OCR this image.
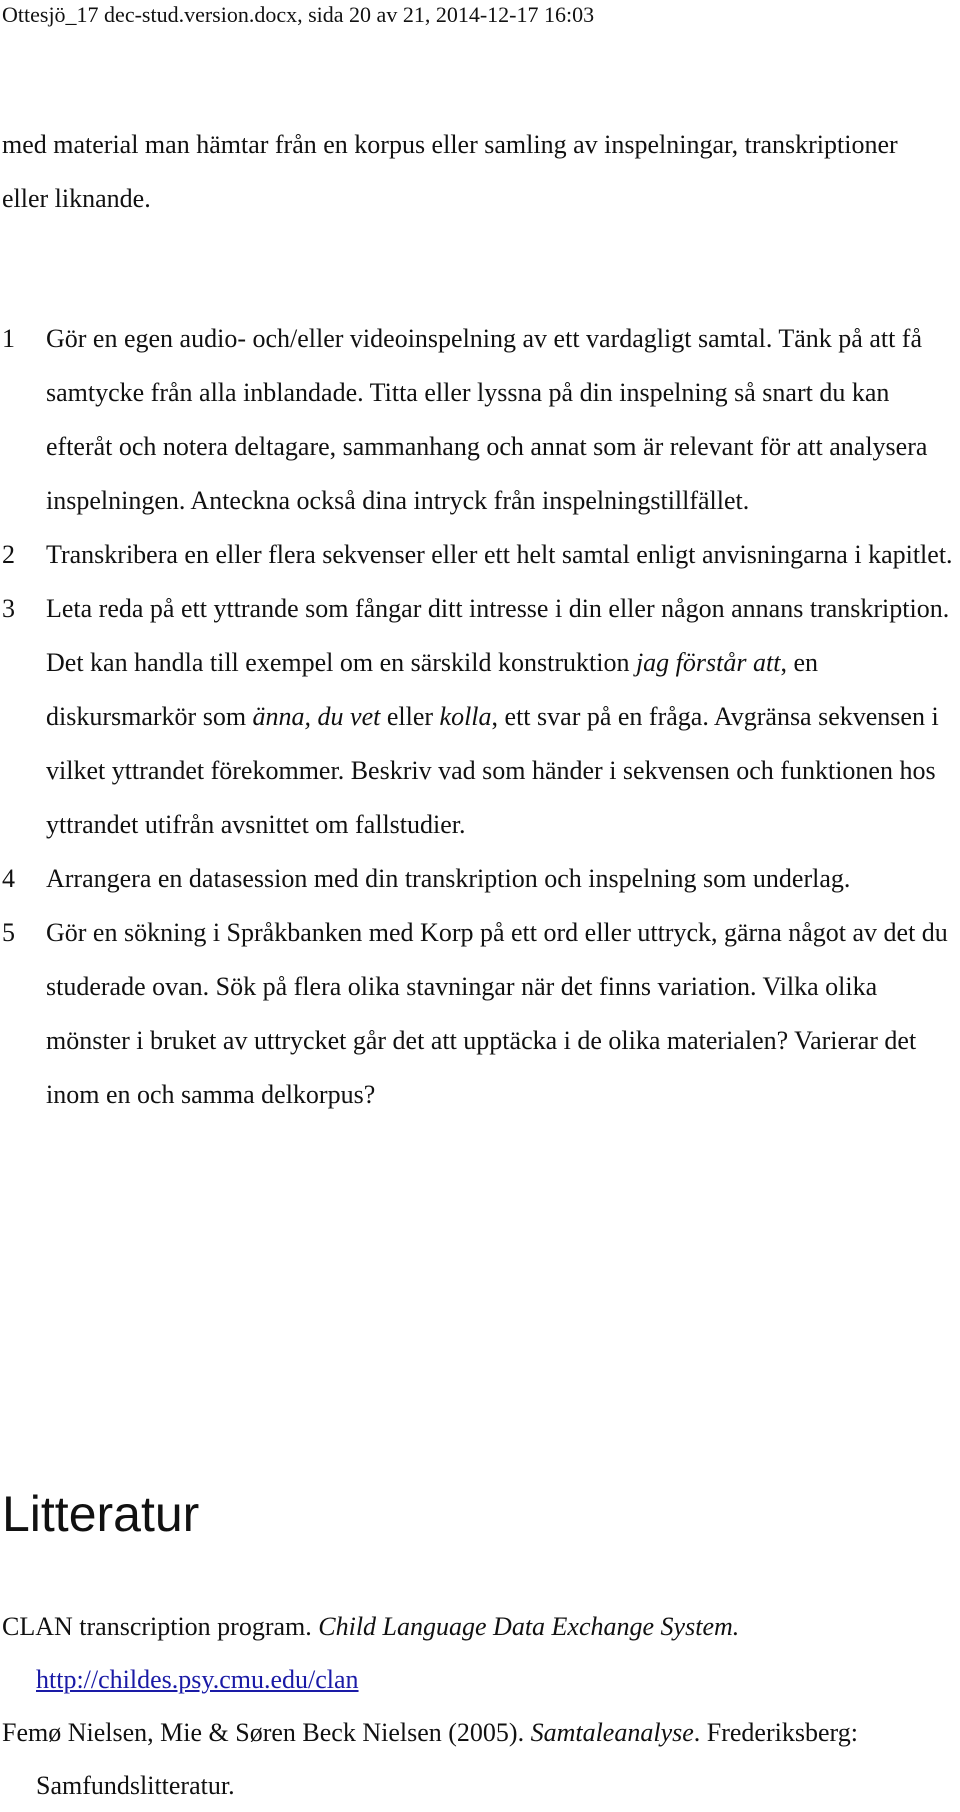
Ottesjö_17 dec-stud.version.docx, sida 20 av 21, 2014-12-17 16:03
med material man hämtar från en korpus eller samling av inspelningar, transkriptioner eller liknande.
1 Gör en egen audio- och/eller videoinspelning av ett vardagligt samtal. Tänk på att få samtycke från alla inblandade. Titta eller lyssna på din inspelning så snart du kan efteråt och notera deltagare, sammanhang och annat som är relevant för att analysera inspelningen. Anteckna också dina intryck från inspelningstillfället.
2 Transkribera en eller flera sekvenser eller ett helt samtal enligt anvisningarna i kapitlet.
3 Leta reda på ett yttrande som fångar ditt intresse i din eller någon annans transkription. Det kan handla till exempel om en särskild konstruktion jag förstår att, en diskursmarkör som änna, du vet eller kolla, ett svar på en fråga. Avgränsa sekvensen i vilket yttrandet förekommer. Beskriv vad som händer i sekvensen och funktionen hos yttrandet utifrån avsnittet om fallstudier.
4 Arrangera en datasession med din transkription och inspelning som underlag.
5 Gör en sökning i Språkbanken med Korp på ett ord eller uttryck, gärna något av det du studerade ovan. Sök på flera olika stavningar när det finns variation. Vilka olika mönster i bruket av uttrycket går det att upptäcka i de olika materialen? Varierar det inom en och samma delkorpus?
Litteratur
CLAN transcription program. Child Language Data Exchange System.
http://childes.psy.cmu.edu/clan
Femø Nielsen, Mie & Søren Beck Nielsen (2005). Samtaleanalyse. Frederiksberg: Samfundslitteratur.
